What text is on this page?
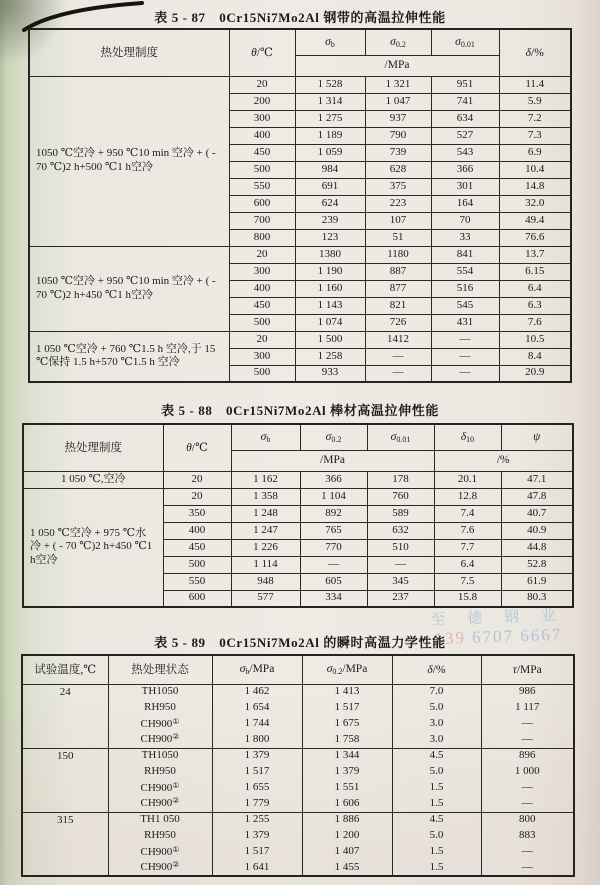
至 德 钢 业
139 6707 6667
表 5 - 87　0Cr15Ni7Mo2Al 钢带的高温拉伸性能
表 5 - 88　0Cr15Ni7Mo2Al 棒材高温拉伸性能
表 5 - 89　0Cr15Ni7Mo2Al 的瞬时高温力学性能
热处理制度	θ/℃	$\sigma_b$	$\sigma_{0.2}$	$\sigma_{0.01}$	δ/%
		/MPa			
1050 ℃空冷 + 950 ℃10 min 空冷 + ( - 70 ℃)2 h+500 ℃1 h空冷	20	1 528	1 321	951	11.4
	200	1 314	1 047	741	5.9
	300	1 275	937	634	7.2
	400	1 189	790	527	7.3
	450	1 059	739	543	6.9
	500	984	628	366	10.4
	550	691	375	301	14.8
	600	624	223	164	32.0
	700	239	107	70	49.4
	800	123	51	33	76.6
1050 ℃空冷 + 950 ℃10 min 空冷 + ( - 70 ℃)2 h+450 ℃1 h空冷	20	1380	1180	841	13.7
	300	1 190	887	554	6.15
	400	1 160	877	516	6.4
	450	1 143	821	545	6.3
	500	1 074	726	431	7.6
1 050 ℃空冷 + 760 ℃1.5 h 空冷,于 15 ℃保持 1.5 h+570 ℃1.5 h 空冷	20	1 500	1412	—	10.5
	300	1 258	—	—	8.4
	500	933	—	—	20.9
热处理制度	θ/℃	$\sigma_b$	$\sigma_{0.2}$	$\sigma_{0.01}$	$\delta_{10}$	ψ
		/MPa			/%	
1 050 ℃,空冷	20	1 162	366	178	20.1	47.1
1 050 ℃空冷 + 975 ℃水冷 + ( - 70 ℃)2 h+450 ℃1 h空冷	20	1 358	1 104	760	12.8	47.8
	350	1 248	892	589	7.4	40.7
	400	1 247	765	632	7.6	40.9
	450	1 226	770	510	7.7	44.8
	500	1 114	—	—	6.4	52.8
	550	948	605	345	7.5	61.9
	600	577	334	237	15.8	80.3
试验温度,℃	热处理状态	$\sigma_b$/MPa	$\sigma_{0.2}$/MPa	δ/%	τ/MPa
24	TH1050	1 462	1 413	7.0	986
	RH950	1 654	1 517	5.0	1 117
	CH900①	1 744	1 675	3.0	—
	CH900②	1 800	1 758	3.0	—
150	TH1050	1 379	1 344	4.5	896
	RH950	1 517	1 379	5.0	1 000
	CH900①	1 655	1 551	1.5	—
	CH900②	1 779	1 606	1.5	—
315	TH1 050	1 255	1 886	4.5	800
	RH950	1 379	1 200	5.0	883
	CH900①	1 517	1 407	1.5	—
	CH900②	1 641	1 455	1.5	—
